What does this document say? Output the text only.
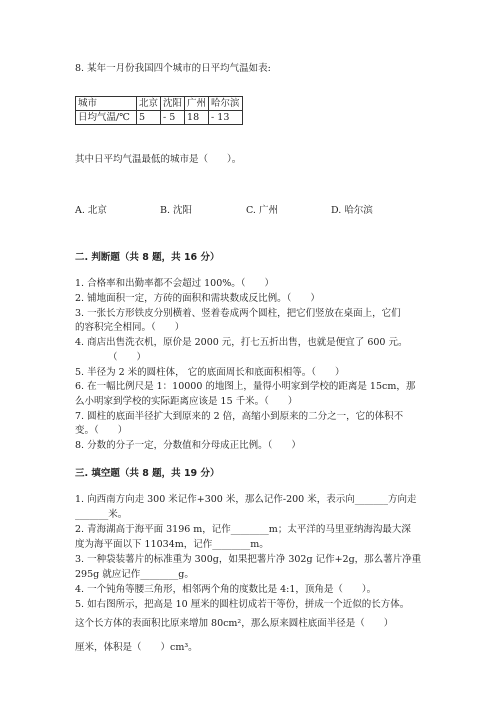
8. 某年一月份我国四个城市的日平均气温如表:
城市	北京	沈阳	广州	哈尔滨
日均气温/℃	5	- 5	18	- 13
其中日平均气温最低的城市是（　　）。
A. 北京	B. 沈阳	C. 广州	D. 哈尔滨
二. 判断题（共 8 题，共 16 分）
1. 合格率和出勤率都不会超过 100%。（　　）
2. 铺地面积一定，方砖的面积和需块数成反比例。（　　）
3. 一张长方形铁皮分别横着、竖着卷成两个圆柱，把它们竖放在桌面上，它们
的容积完全相同。（　　）
4. 商店出售洗衣机，原价是 2000 元，打七五折出售，也就是便宜了 600 元。
（　　）
5. 半径为 2 米的圆柱体， 它的底面周长和底面积相等。（　　）
6. 在一幅比例尺是 1：10000 的地图上，量得小明家到学校的距离是 15cm，那
么小明家到学校的实际距离应该是 15 千米。（　　）
7. 圆柱的底面半径扩大到原来的 2 倍，高缩小到原来的二分之一，它的体积不
变。（　　）
8. 分数的分子一定，分数值和分母成正比例。（　　）
三. 填空题（共 8 题，共 19 分）
1. 向西南方向走 300 米记作+300 米，那么记作-200 米，表示向_______方向走
_______米。
2. 青海湖高于海平面 3196 m，记作________m；太平洋的马里亚纳海沟最大深
度为海平面以下 11034m，记作________m。
3. 一种袋装薯片的标准重为 300g，如果把薯片净 302g 记作+2g，那么薯片净重
295g 就应记作________g。
4. 一个钝角等腰三角形，相邻两个角的度数比是 4:1，顶角是（　　）。
5. 如右图所示，把高是 10 厘米的圆柱切成若干等份，拼成一个近似的长方体。
这个长方体的表面积比原来增加 80cm²，那么原来圆柱底面半径是（　　）
厘米，体积是（　　）cm³。
